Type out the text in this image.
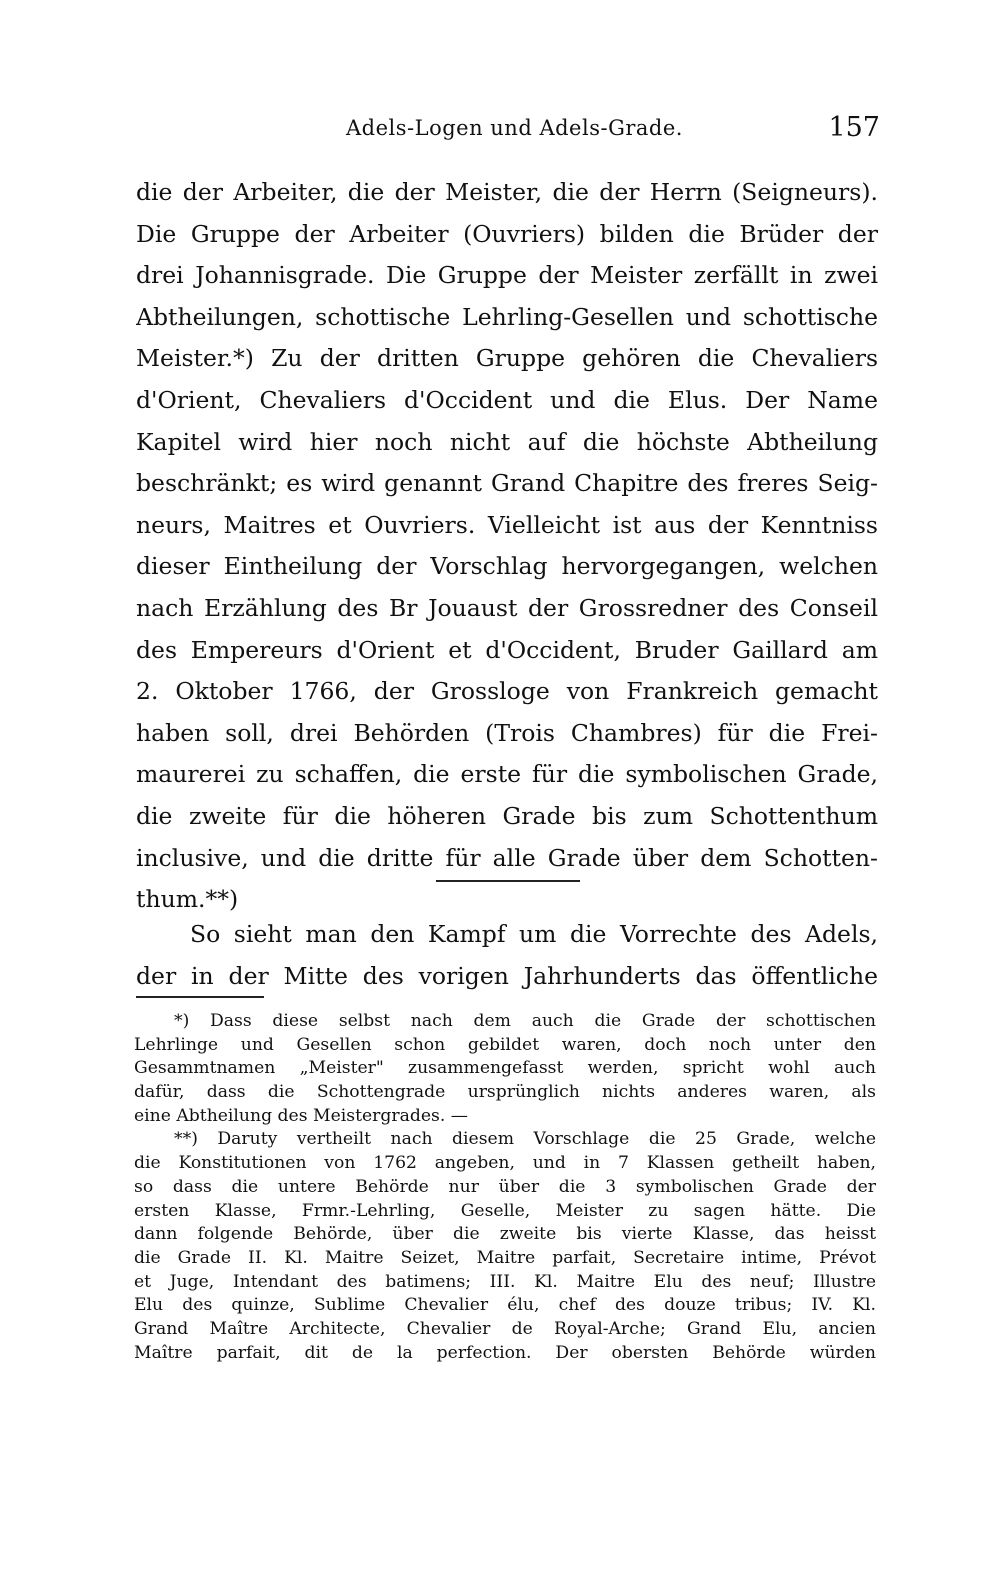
Adels-Logen und Adels-Grade.	157
die der Arbeiter, die der Meister, die der Herrn (Seigneurs).
Die Gruppe der Arbeiter (Ouvriers) bilden die Brüder der
drei Johannisgrade. Die Gruppe der Meister zerfällt in zwei
Abtheilungen, schottische Lehrling-Gesellen und schottische
Meister.*) Zu der dritten Gruppe gehören die Chevaliers
d'Orient, Chevaliers d'Occident und die Elus. Der Name
Kapitel wird hier noch nicht auf die höchste Abtheilung
beschränkt; es wird genannt Grand Chapitre des freres Seig-
neurs, Maitres et Ouvriers. Vielleicht ist aus der Kenntniss
dieser Eintheilung der Vorschlag hervorgegangen, welchen
nach Erzählung des Br Jouaust der Grossredner des Conseil
des Empereurs d'Orient et d'Occident, Bruder Gaillard am
2. Oktober 1766, der Grossloge von Frankreich gemacht
haben soll, drei Behörden (Trois Chambres) für die Frei-
maurerei zu schaffen, die erste für die symbolischen Grade,
die zweite für die höheren Grade bis zum Schottenthum
inclusive, und die dritte für alle Grade über dem Schotten-
thum.**)
So sieht man den Kampf um die Vorrechte des Adels,
der in der Mitte des vorigen Jahrhunderts das öffentliche
*) Dass diese selbst nach dem auch die Grade der schottischen
Lehrlinge und Gesellen schon gebildet waren, doch noch unter den
Gesammtnamen „Meister" zusammengefasst werden, spricht wohl auch
dafür, dass die Schottengrade ursprünglich nichts anderes waren, als
eine Abtheilung des Meistergrades. —
**) Daruty vertheilt nach diesem Vorschlage die 25 Grade, welche
die Konstitutionen von 1762 angeben, und in 7 Klassen getheilt haben,
so dass die untere Behörde nur über die 3 symbolischen Grade der
ersten Klasse, Frmr.-Lehrling, Geselle, Meister zu sagen hätte. Die
dann folgende Behörde, über die zweite bis vierte Klasse, das heisst
die Grade II. Kl. Maitre Seizet, Maitre parfait, Secretaire intime, Prévot
et Juge, Intendant des batimens; III. Kl. Maitre Elu des neuf; Illustre
Elu des quinze, Sublime Chevalier élu, chef des douze tribus; IV. Kl.
Grand Maître Architecte, Chevalier de Royal-Arche; Grand Elu, ancien
Maître parfait, dit de la perfection. Der obersten Behörde würden
